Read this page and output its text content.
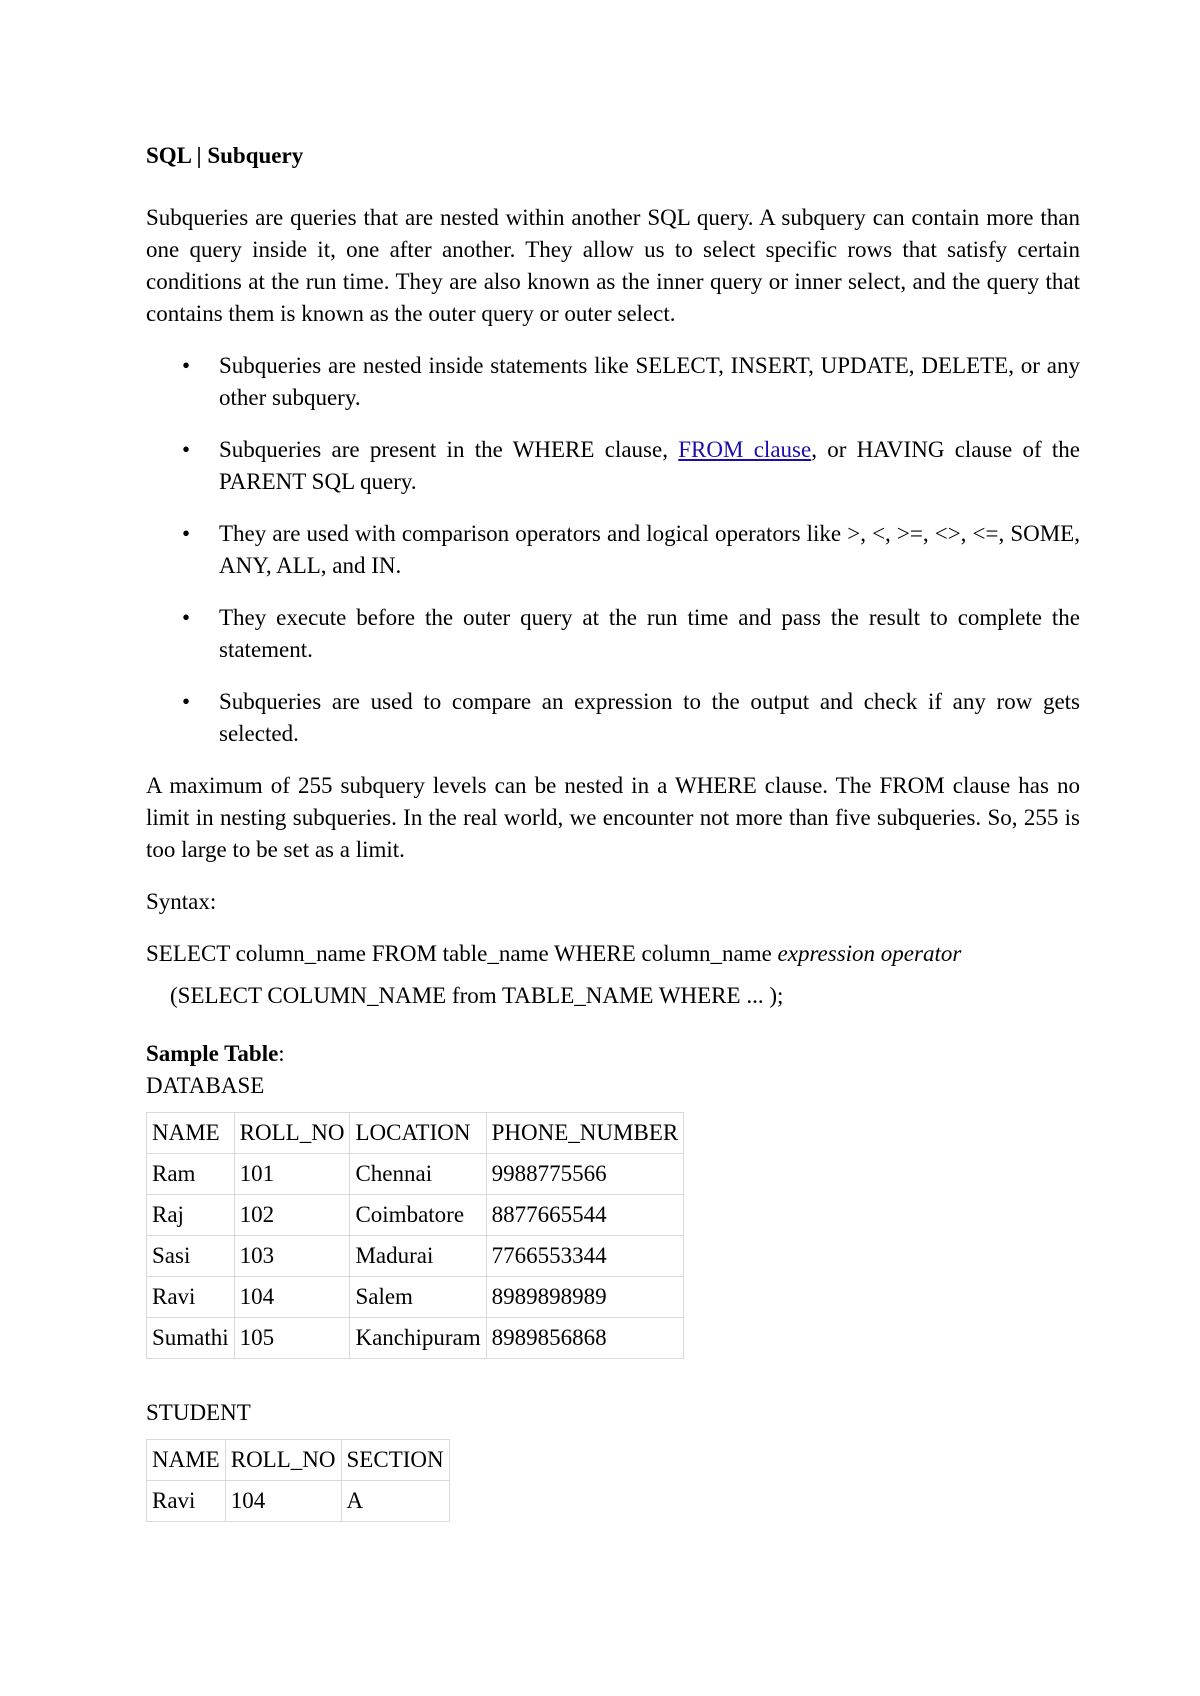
SQL | Subquery

Subqueries are queries that are nested within another SQL query. A subquery can contain more than one query inside it, one after another. They allow us to select specific rows that satisfy certain conditions at the run time. They are also known as the inner query or inner select, and the query that contains them is known as the outer query or outer select.

• Subqueries are nested inside statements like SELECT, INSERT, UPDATE, DELETE, or any other subquery.
• Subqueries are present in the WHERE clause, FROM clause, or HAVING clause of the PARENT SQL query.
• They are used with comparison operators and logical operators like >, <, >=, <>, <=, SOME, ANY, ALL, and IN.
• They execute before the outer query at the run time and pass the result to complete the statement.
• Subqueries are used to compare an expression to the output and check if any row gets selected.

A maximum of 255 subquery levels can be nested in a WHERE clause. The FROM clause has no limit in nesting subqueries. In the real world, we encounter not more than five subqueries. So, 255 is too large to be set as a limit.

Syntax:
SELECT column_name FROM table_name WHERE column_name expression operator
(SELECT COLUMN_NAME from TABLE_NAME WHERE ... );
Sample Table:
DATABASE
NAME	ROLL_NO	LOCATION	PHONE_NUMBER
Ram	101	Chennai	9988775566
Raj	102	Coimbatore	8877665544
Sasi	103	Madurai	7766553344
Ravi	104	Salem	8989898989
Sumathi	105	Kanchipuram	8989856868
STUDENT
NAME	ROLL_NO	SECTION
Ravi	104	A
